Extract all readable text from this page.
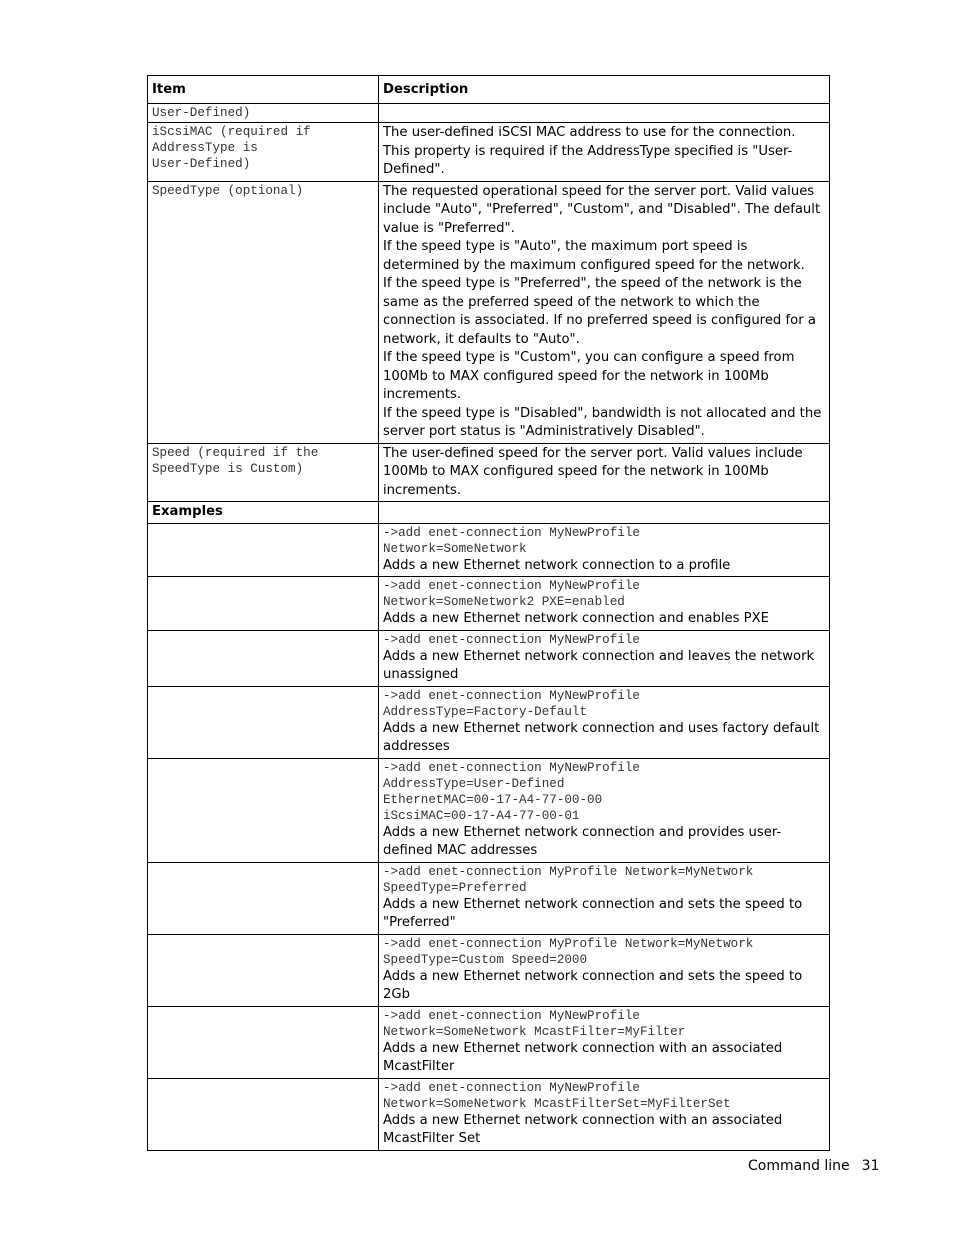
Item	Description

User-Defined)	

iScsiMAC (required if
AddressType is
User-Defined)	The user-defined iSCSI MAC address to use for the connection. This property is required if the AddressType specified is "User-Defined".

SpeedType (optional)	The requested operational speed for the server port. Valid values include "Auto", "Preferred", "Custom", and "Disabled". The default value is "Preferred".
If the speed type is "Auto", the maximum port speed is determined by the maximum configured speed for the network.
If the speed type is "Preferred", the speed of the network is the same as the preferred speed of the network to which the connection is associated. If no preferred speed is configured for a network, it defaults to "Auto".
If the speed type is "Custom", you can configure a speed from 100Mb to MAX configured speed for the network in 100Mb increments.
If the speed type is "Disabled", bandwidth is not allocated and the server port status is "Administratively Disabled".

Speed (required if the
SpeedType is Custom)	The user-defined speed for the server port. Valid values include 100Mb to MAX configured speed for the network in 100Mb increments.

Examples	

	->add enet-connection MyNewProfile
Network=SomeNetwork
Adds a new Ethernet network connection to a profile

	->add enet-connection MyNewProfile
Network=SomeNetwork2 PXE=enabled
Adds a new Ethernet network connection and enables PXE

	->add enet-connection MyNewProfile
Adds a new Ethernet network connection and leaves the network unassigned

	->add enet-connection MyNewProfile
AddressType=Factory-Default
Adds a new Ethernet network connection and uses factory default addresses

	->add enet-connection MyNewProfile
AddressType=User-Defined
EthernetMAC=00-17-A4-77-00-00
iScsiMAC=00-17-A4-77-00-01
Adds a new Ethernet network connection and provides user-defined MAC addresses

	->add enet-connection MyProfile Network=MyNetwork
SpeedType=Preferred
Adds a new Ethernet network connection and sets the speed to "Preferred"

	->add enet-connection MyProfile Network=MyNetwork
SpeedType=Custom Speed=2000
Adds a new Ethernet network connection and sets the speed to 2Gb

	->add enet-connection MyNewProfile
Network=SomeNetwork McastFilter=MyFilter
Adds a new Ethernet network connection with an associated McastFilter

	->add enet-connection MyNewProfile
Network=SomeNetwork McastFilterSet=MyFilterSet
Adds a new Ethernet network connection with an associated McastFilter Set
Command line 31
